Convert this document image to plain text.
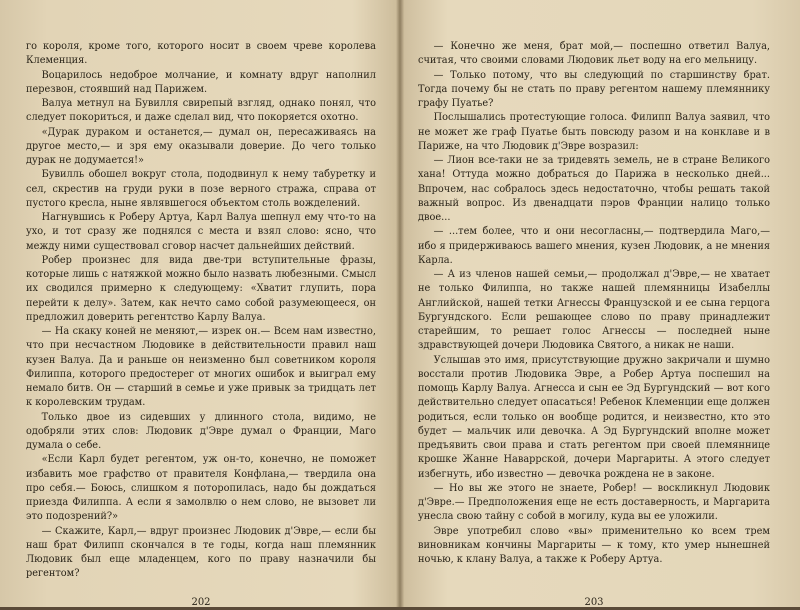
го короля, кроме того, которого носит в своем чреве королева Клеменция.

Воцарилось недоброе молчание, и комнату вдруг наполнил перезвон, стоявший над Парижем.

Валуа метнул на Бувилля свирепый взгляд, однако понял, что следует покориться, и даже сделал вид, что покоряется охотно.

«Дурак дураком и останется,— думал он, пересаживаясь на другое место,— и зря ему оказывали доверие. До чего только дурак не додумается!»

Бувилль обошел вокруг стола, пододвинул к нему табуретку и сел, скрестив на груди руки в позе верного стража, справа от пустого кресла, ныне являвшегося объектом столь вожделений.

Нагнувшись к Роберу Артуа, Карл Валуа шепнул ему что-то на ухо, и тот сразу же поднялся с места и взял слово: ясно, что между ними существовал сговор насчет дальнейших действий.

Робер произнес для вида две-три вступительные фразы, которые лишь с натяжкой можно было назвать любезными. Смысл их сводился примерно к следующему: «Хватит глупить, пора перейти к делу». Затем, как нечто само собой разумеющееся, он предложил доверить регентство Карлу Валуа.

— На скаку коней не меняют,— изрек он.— Всем нам известно, что при несчастном Людовике в действительности правил наш кузен Валуа. Да и раньше он неизменно был советником короля Филиппа, которого предостерег от многих ошибок и выиграл ему немало битв. Он — старший в семье и уже привык за тридцать лет к королевским трудам.

Только двое из сидевших у длинного стола, видимо, не одобряли этих слов: Людовик д'Эвре думал о Франции, Маго думала о себе.

«Если Карл будет регентом, уж он-то, конечно, не поможет избавить мое графство от правителя Конфлана,— твердила она про себя.— Боюсь, слишком я поторопилась, надо бы дождаться приезда Филиппа. А если я замолвлю о нем слово, не вызовет ли это подозрений?»

— Скажите, Карл,— вдруг произнес Людовик д'Эвре,— если бы наш брат Филипп скончался в те годы, когда наш племянник Людовик был еще младенцем, кого по праву назначили бы регентом?

202

— Конечно же меня, брат мой,— поспешно ответил Валуа, считая, что своими словами Людовик льет воду на его мельницу.

— Только потому, что вы следующий по старшинству брат. Тогда почему бы не стать по праву регентом нашему племяннику графу Пуатье?

Послышались протестующие голоса. Филипп Валуа заявил, что не может же граф Пуатье быть повсюду разом и на конклаве и в Париже, на что Людовик д'Эвре возразил:

— Лион все-таки не за тридевять земель, не в стране Великого хана! Оттуда можно добраться до Парижа в несколько дней... Впрочем, нас собралось здесь недостаточно, чтобы решать такой важный вопрос. Из двенадцати пэров Франции налицо только двое...

— ...тем более, что и они несогласны,— подтвердила Маго,— ибо я придерживаюсь вашего мнения, кузен Людовик, а не мнения Карла.

— А из членов нашей семьи,— продолжал д'Эвре,— не хватает не только Филиппа, но также нашей племянницы Изабеллы Английской, нашей тетки Агнессы Французской и ее сына герцога Бургундского. Если решающее слово по праву принадлежит старейшим, то решает голос Агнессы — последней ныне здравствующей дочери Людовика Святого, а никак не наши.

Услышав это имя, присутствующие дружно закричали и шумно восстали против Людовика Эвре, а Робер Артуа поспешил на помощь Карлу Валуа. Агнесса и сын ее Эд Бургундский — вот кого действительно следует опасаться! Ребенок Клеменции еще должен родиться, если только он вообще родится, и неизвестно, кто это будет — мальчик или девочка. А Эд Бургундский вполне может предъявить свои права и стать регентом при своей племяннице крошке Жанне Наваррской, дочери Маргариты. А этого следует избегнуть, ибо известно — девочка рождена не в законе.

— Но вы же этого не знаете, Робер! — воскликнул Людовик д'Эвре.— Предположения еще не есть доставерность, и Маргарита унесла свою тайну с собой в могилу, куда вы ее уложили.

Эвре употребил слово «вы» применительно ко всем трем виновникам кончины Маргариты — к тому, кто умер нынешней ночью, к клану Валуа, а также к Роберу Артуа.

203
